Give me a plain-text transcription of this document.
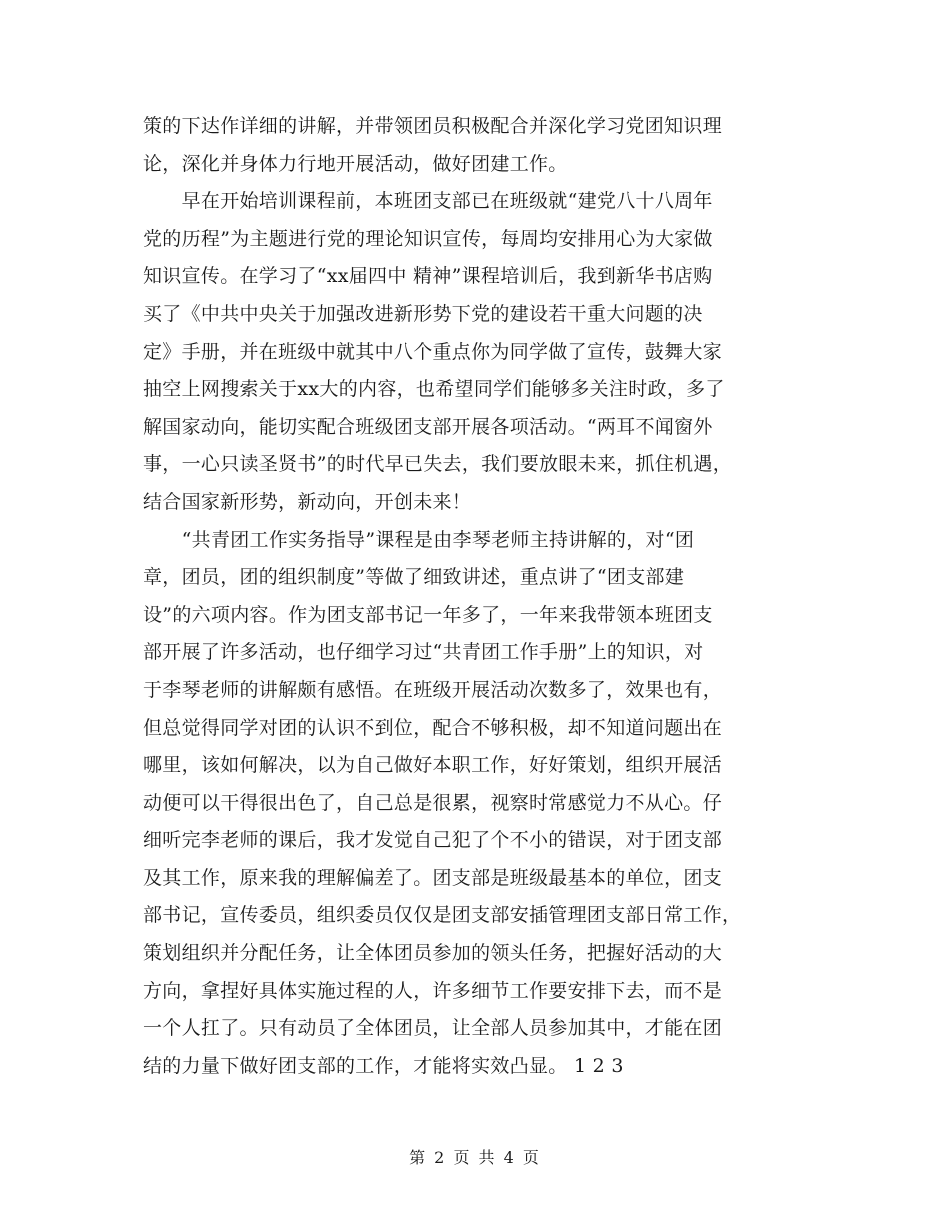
策的下达作详细的讲解，并带领团员积极配合并深化学习党团知识理
论，深化并身体力行地开展活动，做好团建工作。
　　早在开始培训课程前，本班团支部已在班级就“建党八十八周年
党的历程”为主题进行党的理论知识宣传，每周均安排用心为大家做
知识宣传。在学习了“xx届四中 精神”课程培训后，我到新华书店购
买了《中共中央关于加强改进新形势下党的建设若干重大问题的决
定》手册，并在班级中就其中八个重点你为同学做了宣传，鼓舞大家
抽空上网搜索关于xx大的内容，也希望同学们能够多关注时政，多了
解国家动向，能切实配合班级团支部开展各项活动。“两耳不闻窗外
事，一心只读圣贤书”的时代早已失去，我们要放眼未来，抓住机遇，
结合国家新形势，新动向，开创未来！
　　“共青团工作实务指导”课程是由李琴老师主持讲解的，对“团
章，团员，团的组织制度”等做了细致讲述，重点讲了“团支部建
设”的六项内容。作为团支部书记一年多了，一年来我带领本班团支
部开展了许多活动，也仔细学习过“共青团工作手册”上的知识，对
于李琴老师的讲解颇有感悟。在班级开展活动次数多了，效果也有，
但总觉得同学对团的认识不到位，配合不够积极，却不知道问题出在
哪里，该如何解决，以为自己做好本职工作，好好策划，组织开展活
动便可以干得很出色了，自己总是很累，视察时常感觉力不从心。仔
细听完李老师的课后，我才发觉自己犯了个不小的错误，对于团支部
及其工作，原来我的理解偏差了。团支部是班级最基本的单位，团支
部书记，宣传委员，组织委员仅仅是团支部安插管理团支部日常工作，
策划组织并分配任务，让全体团员参加的领头任务，把握好活动的大
方向，拿捏好具体实施过程的人，许多细节工作要安排下去，而不是
一个人扛了。只有动员了全体团员，让全部人员参加其中，才能在团
结的力量下做好团支部的工作，才能将实效凸显。 1 2 3
第 2 页 共 4 页
